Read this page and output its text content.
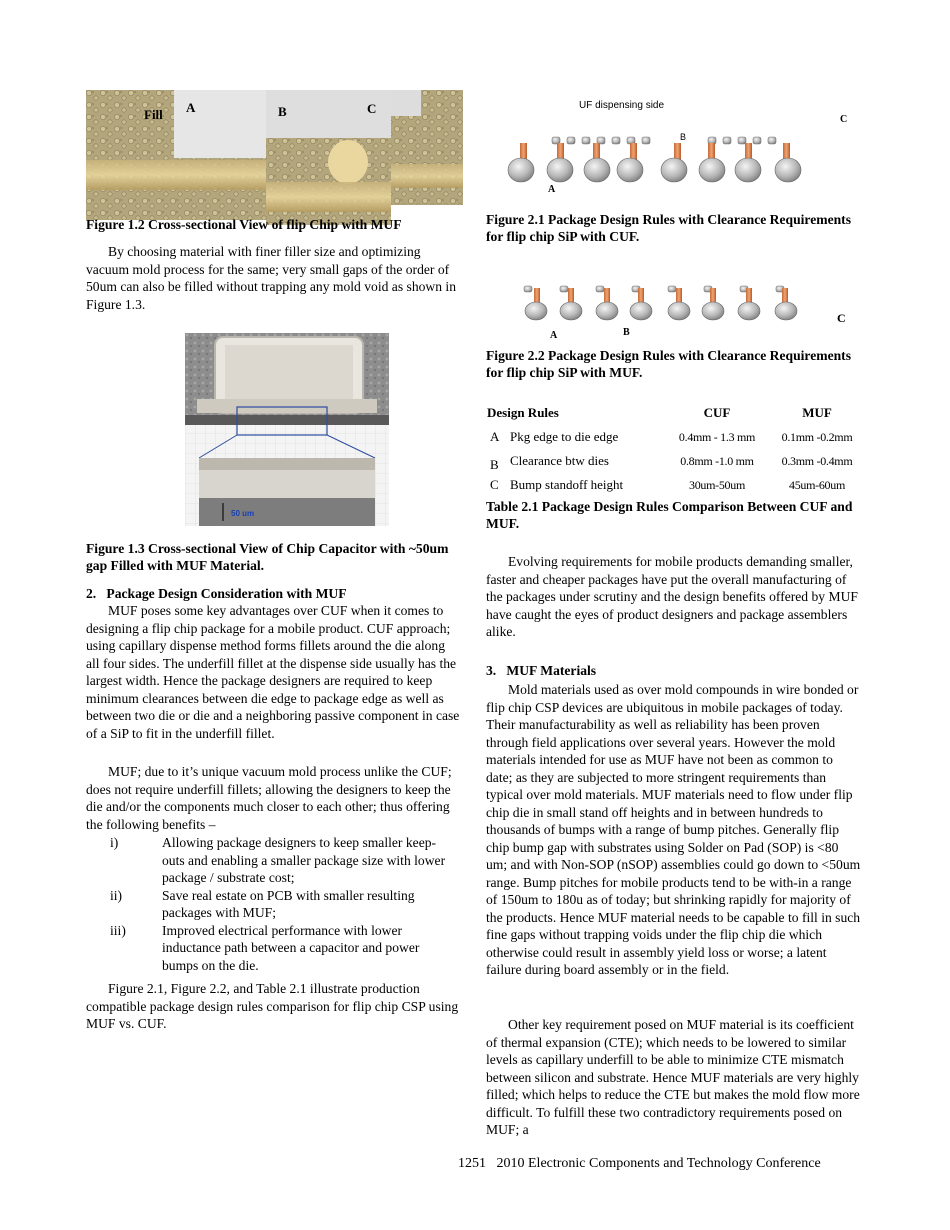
Fill A	B	C
Figure 1.2 Cross-sectional View of flip Chip with MUF
By choosing material with finer filler size and optimizing vacuum mold process for the same; very small gaps of the order of 50um can also be filled without trapping any mold void as shown in Figure 1.3.
50 um
Figure 1.3 Cross-sectional View of Chip Capacitor with ~50um gap Filled with MUF Material.
2.   Package Design Consideration with MUF
MUF poses some key advantages over CUF when it comes to designing a flip chip package for a mobile product. CUF approach; using capillary dispense method forms fillets around the die along all four sides. The underfill fillet at the dispense side usually has the largest width. Hence the package designers are required to keep minimum clearances between die edge to package edge as well as between two die or die and a neighboring passive component in case of a SiP to fit in the underfill fillet.
MUF; due to it’s unique vacuum mold process unlike the CUF; does not require underfill fillets; allowing the designers to keep the die and/or the components much closer to each other; thus offering the following benefits –
i)	Allowing package designers to keep smaller keep-outs and enabling a smaller package size with lower package / substrate cost;
ii)	Save real estate on PCB with smaller resulting packages with MUF;
iii)	Improved electrical performance with lower inductance path between a capacitor and power bumps on the die.
Figure 2.1, Figure 2.2, and Table 2.1 illustrate production compatible package design rules comparison for flip chip CSP using MUF vs. CUF.
UF dispensing side
B
A
C
Figure 2.1 Package Design Rules with Clearance Requirements for flip chip SiP with CUF.
A	B
C
Figure 2.2 Package Design Rules with Clearance Requirements for flip chip SiP with MUF.
Design Rules		CUF	MUF
A	Pkg edge to die edge	0.4mm - 1.3 mm	0.1mm -0.2mm
B	Clearance btw dies	0.8mm -1.0 mm	0.3mm -0.4mm
C	Bump standoff height	30um-50um	45um-60um
Table 2.1 Package Design Rules Comparison Between CUF and MUF.
Evolving requirements for mobile products demanding smaller, faster and cheaper packages have put the overall manufacturing of the packages under scrutiny and the design benefits offered by MUF have caught the eyes of product designers and package assemblers alike.
3.   MUF Materials
Mold materials used as over mold compounds in wire bonded or flip chip CSP devices are ubiquitous in mobile packages of today. Their manufacturability as well as reliability has been proven through field applications over several years. However the mold materials intended for use as MUF have not been as common to date; as they are subjected to more stringent requirements than typical over mold materials. MUF materials need to flow under flip chip die in small stand off heights and in between hundreds to thousands of bumps with a range of bump pitches. Generally flip chip bump gap with substrates using Solder on Pad (SOP) is <80 um; and with Non-SOP (nSOP) assemblies could go down to <50um range. Bump pitches for mobile products tend to be with-in a range of 150um to 180u as of today; but shrinking rapidly for majority of the products. Hence MUF material needs to be capable to fill in such fine gaps without trapping voids under the flip chip die which otherwise could result in assembly yield loss or worse; a latent failure during board assembly or in the field.
Other key requirement posed on MUF material is its coefficient of thermal expansion (CTE); which needs to be lowered to similar levels as capillary underfill to be able to minimize CTE mismatch between silicon and substrate. Hence MUF materials are very highly filled; which helps to reduce the CTE but makes the mold flow more difficult. To fulfill these two contradictory requirements posed on MUF; a
1251   2010 Electronic Components and Technology Conference
